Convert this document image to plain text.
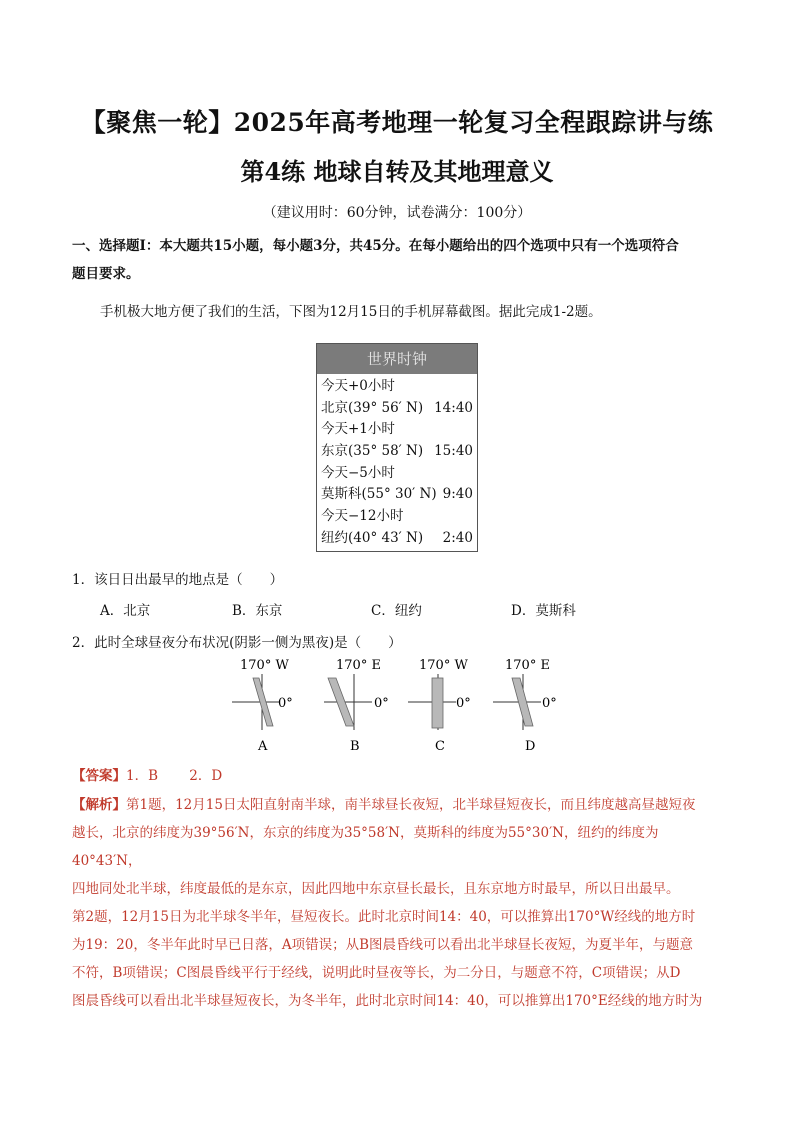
【聚焦一轮】2025年高考地理一轮复习全程跟踪讲与练
第4练 地球自转及其地理意义
（建议用时：60分钟，试卷满分：100分）
一、选择题Ⅰ：本大题共15小题，每小题3分，共45分。在每小题给出的四个选项中只有一个选项符合
题目要求。
手机极大地方便了我们的生活，下图为12月15日的手机屏幕截图。据此完成1-2题。
世界时钟
今天+0小时
北京(39° 56′ N) 14:40
今天+1小时
东京(35° 58′ N) 15:40
今天−5小时
莫斯科(55° 30′ N) 9:40
今天−12小时
纽约(40° 43′ N) 2:40
1．该日日出最早的地点是（　　）
A．北京	B．东京	C．纽约	D．莫斯科
2．此时全球昼夜分布状况(阴影一侧为黑夜)是（　　）
170° W
0°
A
170° E
0°
B
170° W
0°
C
170° E
0°
D
【答案】1．B　　 2．D
【解析】第1题，12月15日太阳直射南半球，南半球昼长夜短，北半球昼短夜长，而且纬度越高昼越短夜
越长，北京的纬度为39°56′N，东京的纬度为35°58′N，莫斯科的纬度为55°30′N，纽约的纬度为40°43′N，
四地同处北半球，纬度最低的是东京，因此四地中东京昼长最长，且东京地方时最早，所以日出最早。
第2题，12月15日为北半球冬半年，昼短夜长。此时北京时间14：40，可以推算出170°W经线的地方时
为19：20，冬半年此时早已日落，A项错误；从B图晨昏线可以看出北半球昼长夜短，为夏半年，与题意
不符，B项错误；C图晨昏线平行于经线，说明此时昼夜等长，为二分日，与题意不符，C项错误；从D
图晨昏线可以看出北半球昼短夜长，为冬半年，此时北京时间14：40，可以推算出170°E经线的地方时为
